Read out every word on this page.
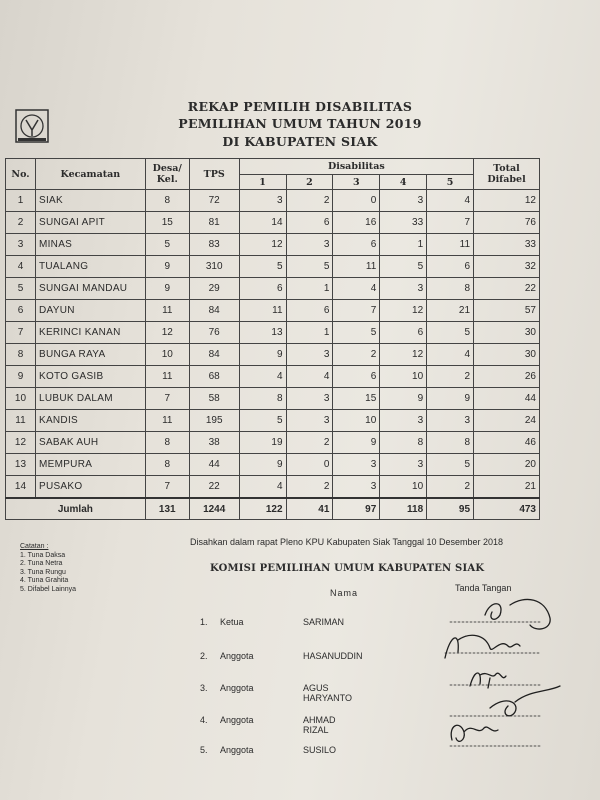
REKAP PEMILIH DISABILITAS
PEMILIHAN UMUM TAHUN 2019
DI KABUPATEN SIAK
No.	Kecamatan	Desa/ Kel.	TPS	Disabilitas					Total Difabel
				1	2	3	4	5	
1	SIAK	8	72	3	2	0	3	4	12
2	SUNGAI APIT	15	81	14	6	16	33	7	76
3	MINAS	5	83	12	3	6	1	11	33
4	TUALANG	9	310	5	5	11	5	6	32
5	SUNGAI MANDAU	9	29	6	1	4	3	8	22
6	DAYUN	11	84	11	6	7	12	21	57
7	KERINCI KANAN	12	76	13	1	5	6	5	30
8	BUNGA RAYA	10	84	9	3	2	12	4	30
9	KOTO GASIB	11	68	4	4	6	10	2	26
10	LUBUK DALAM	7	58	8	3	15	9	9	44
11	KANDIS	11	195	5	3	10	3	3	24
12	SABAK AUH	8	38	19	2	9	8	8	46
13	MEMPURA	8	44	9	0	3	3	5	20
14	PUSAKO	7	22	4	2	3	10	2	21
Jumlah		131	1244	122	41	97	118	95	473
Catatan :
1. Tuna Daksa
2. Tuna Netra
3. Tuna Rungu
4. Tuna Grahita
5. Difabel Lainnya
Disahkan dalam rapat Pleno KPU Kabupaten Siak Tanggal 10 Desember 2018
KOMISI PEMILIHAN UMUM KABUPATEN SIAK
Nama	Tanda Tangan
1. Ketua	SARIMAN
2. Anggota	HASANUDDIN
3. Anggota	AGUS HARYANTO
4. Anggota	AHMAD RIZAL
5. Anggota	SUSILO
